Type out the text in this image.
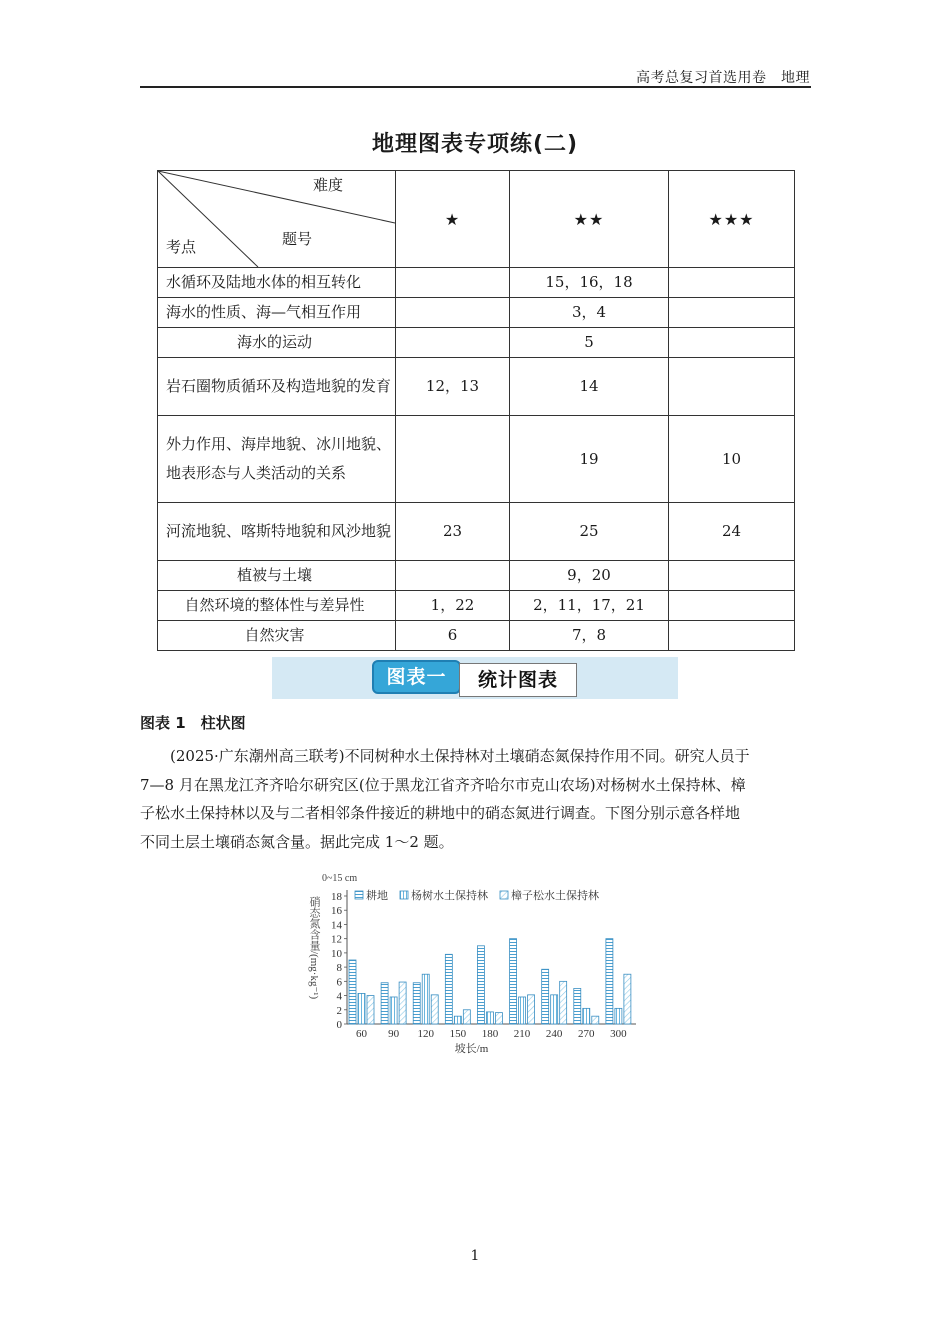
高考总复习首选用卷　地理
地理图表专项练(二)
难度
题号
考点	★	★★	★★★
水循环及陆地水体的相互转化		15，16，18	
海水的性质、海—气相互作用		3，4	
海水的运动		5	
岩石圈物质循环及构造地貌的发育	12，13	14	
外力作用、海岸地貌、冰川地貌、地表形态与人类活动的关系		19	10
河流地貌、喀斯特地貌和风沙地貌	23	25	24
植被与土壤		9，20	
自然环境的整体性与差异性	1，22	2，11，17，21	
自然灾害	6	7，8	
图表一	统计图表
图表 1　柱状图
(2025·广东潮州高三联考)不同树种水土保持林对土壤硝态氮保持作用不同。研究人员于
7—8 月在黑龙江齐齐哈尔研究区(位于黑龙江省齐齐哈尔市克山农场)对杨树水土保持林、樟
子松水土保持林以及与二者相邻条件接近的耕地中的硝态氮进行调查。下图分别示意各样地
不同土层土壤硝态氮含量。据此完成 1～2 题。
0~15 cm
耕地 杨树水土保持林 樟子松水土保持林
0
2
4
6
8
10
12
14
16
18
硝态氮含量/(mg·kg⁻¹)
60 90 120 150 180 210 240 270 300
坡长/m
1
